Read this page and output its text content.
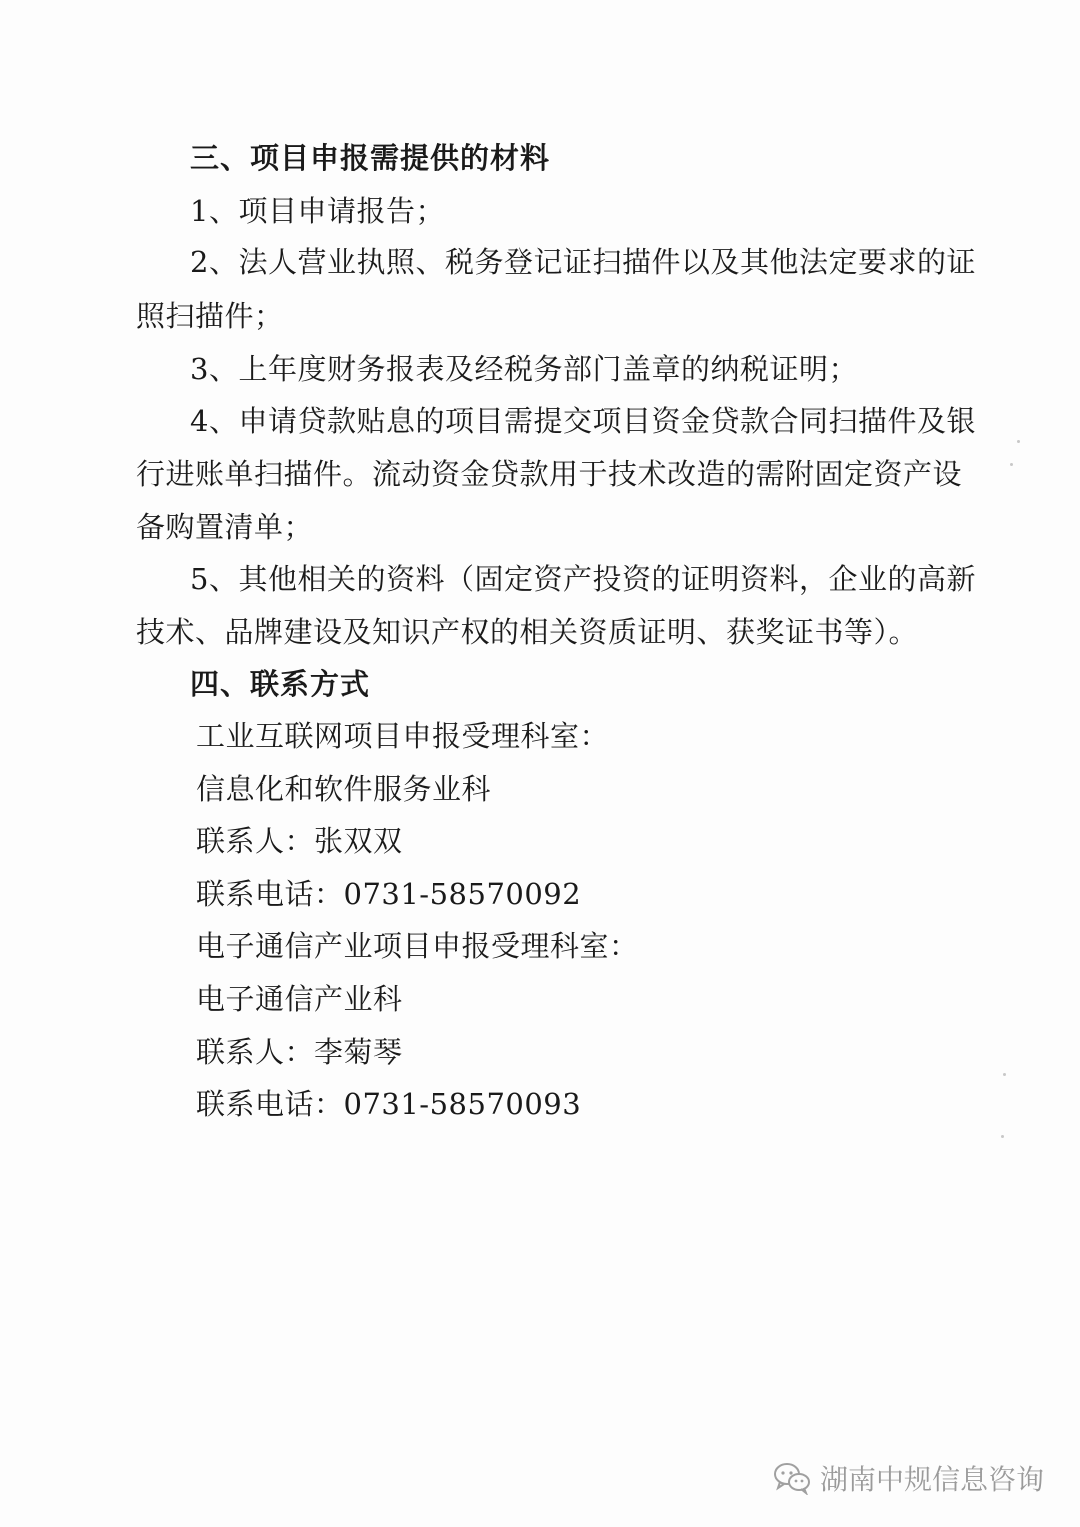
三、项目申报需提供的材料
1、项目申请报告；
2、法人营业执照、税务登记证扫描件以及其他法定要求的证
照扫描件；
3、上年度财务报表及经税务部门盖章的纳税证明；
4、申请贷款贴息的项目需提交项目资金贷款合同扫描件及银
行进账单扫描件。流动资金贷款用于技术改造的需附固定资产设
备购置清单；
5、其他相关的资料（固定资产投资的证明资料，企业的高新
技术、品牌建设及知识产权的相关资质证明、获奖证书等）。
四、联系方式
工业互联网项目申报受理科室：
信息化和软件服务业科
联系人：张双双
联系电话：0731-58570092
电子通信产业项目申报受理科室：
电子通信产业科
联系人：李菊琴
联系电话：0731-58570093
湖南中规信息咨询
